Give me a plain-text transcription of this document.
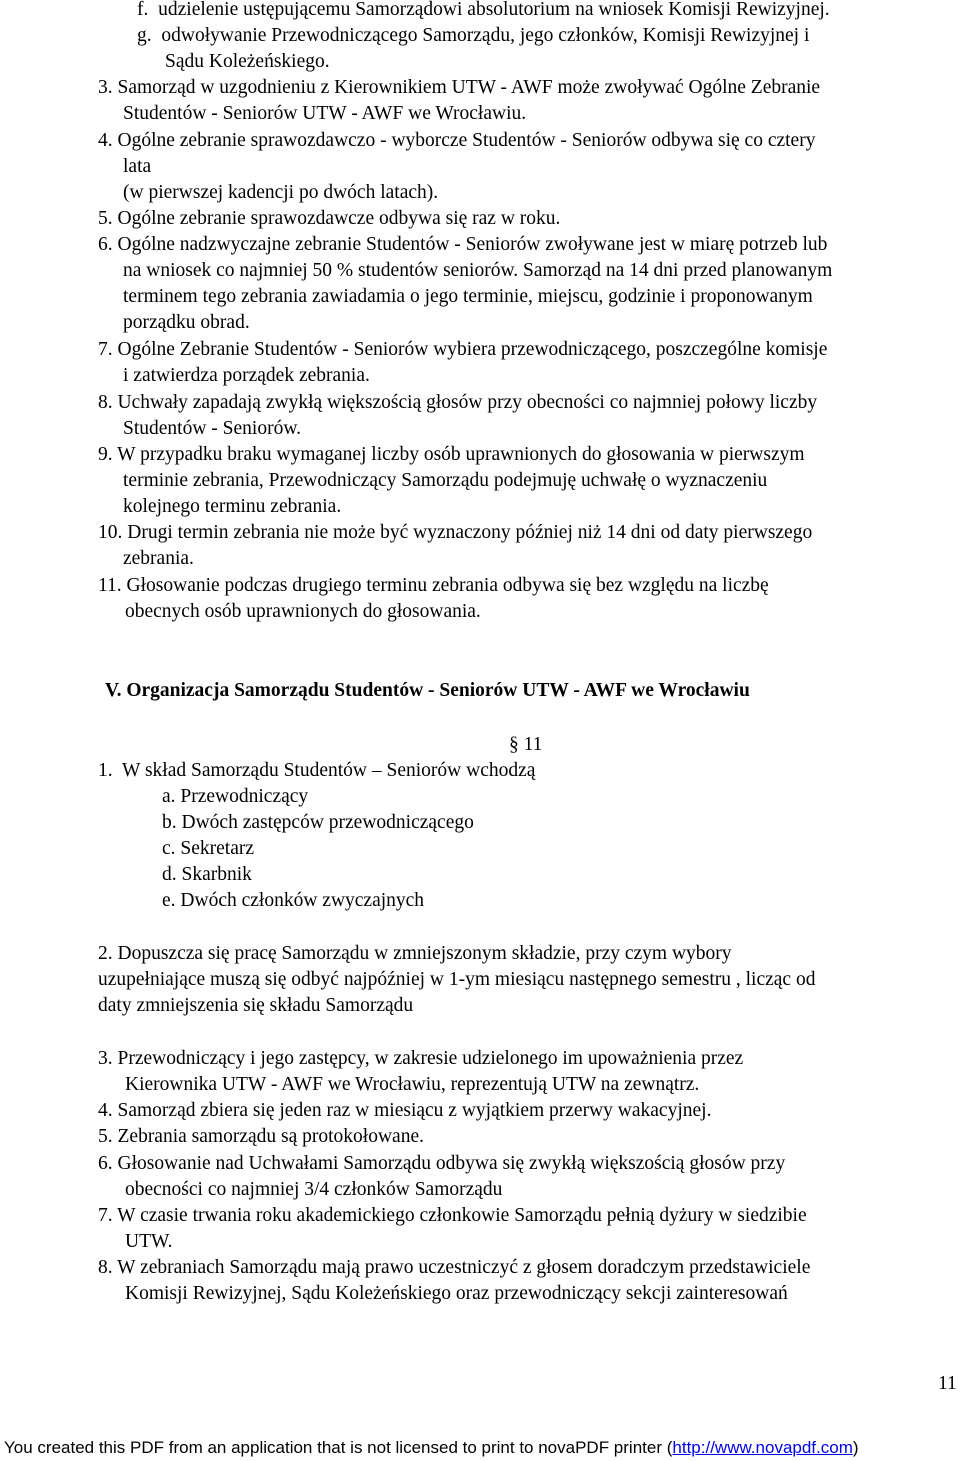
f. udzielenie ustępującemu Samorządowi absolutorium na wniosek Komisji Rewizyjnej.
g. odwoływanie Przewodniczącego Samorządu, jego członków, Komisji Rewizyjnej i
Sądu Koleżeńskiego.
3. Samorząd w uzgodnieniu z Kierownikiem UTW - AWF może zwoływać Ogólne Zebranie
Studentów - Seniorów UTW - AWF we Wrocławiu.
4. Ogólne zebranie sprawozdawczo - wyborcze Studentów - Seniorów odbywa się co cztery
lata
(w pierwszej kadencji po dwóch latach).
5. Ogólne zebranie sprawozdawcze odbywa się raz w roku.
6. Ogólne nadzwyczajne zebranie Studentów - Seniorów zwoływane jest w miarę potrzeb lub
na wniosek co najmniej 50 % studentów seniorów. Samorząd na 14 dni przed planowanym
terminem tego zebrania zawiadamia o jego terminie, miejscu, godzinie i proponowanym
porządku obrad.
7. Ogólne Zebranie Studentów - Seniorów wybiera przewodniczącego, poszczególne komisje
i zatwierdza porządek zebrania.
8. Uchwały zapadają zwykłą większością głosów przy obecności co najmniej połowy liczby
Studentów - Seniorów.
9. W przypadku braku wymaganej liczby osób uprawnionych do głosowania w pierwszym
terminie zebrania, Przewodniczący Samorządu podejmuję uchwałę o wyznaczeniu
kolejnego terminu zebrania.
10. Drugi termin zebrania nie może być wyznaczony później niż 14 dni od daty pierwszego
zebrania.
11. Głosowanie podczas drugiego terminu zebrania odbywa się bez względu na liczbę
obecnych osób uprawnionych do głosowania.
V. Organizacja Samorządu Studentów - Seniorów UTW - AWF we Wrocławiu
§ 11
1. W skład Samorządu Studentów – Seniorów wchodzą
a. Przewodniczący
b. Dwóch zastępców przewodniczącego
c. Sekretarz
d. Skarbnik
e. Dwóch członków zwyczajnych
2. Dopuszcza się pracę Samorządu w zmniejszonym składzie, przy czym wybory
uzupełniające muszą się odbyć najpóźniej w 1-ym miesiącu następnego semestru , licząc od
daty zmniejszenia się składu Samorządu
3. Przewodniczący i jego zastępcy, w zakresie udzielonego im upoważnienia przez
Kierownika UTW - AWF we Wrocławiu, reprezentują UTW na zewnątrz.
4. Samorząd zbiera się jeden raz w miesiącu z wyjątkiem przerwy wakacyjnej.
5. Zebrania samorządu są protokołowane.
6. Głosowanie nad Uchwałami Samorządu odbywa się zwykłą większością głosów przy
obecności co najmniej 3/4 członków Samorządu
7. W czasie trwania roku akademickiego członkowie Samorządu pełnią dyżury w siedzibie
UTW.
8. W zebraniach Samorządu mają prawo uczestniczyć z głosem doradczym przedstawiciele
Komisji Rewizyjnej, Sądu Koleżeńskiego oraz przewodniczący sekcji zainteresowań
11
You created this PDF from an application that is not licensed to print to novaPDF printer (http://www.novapdf.com)
